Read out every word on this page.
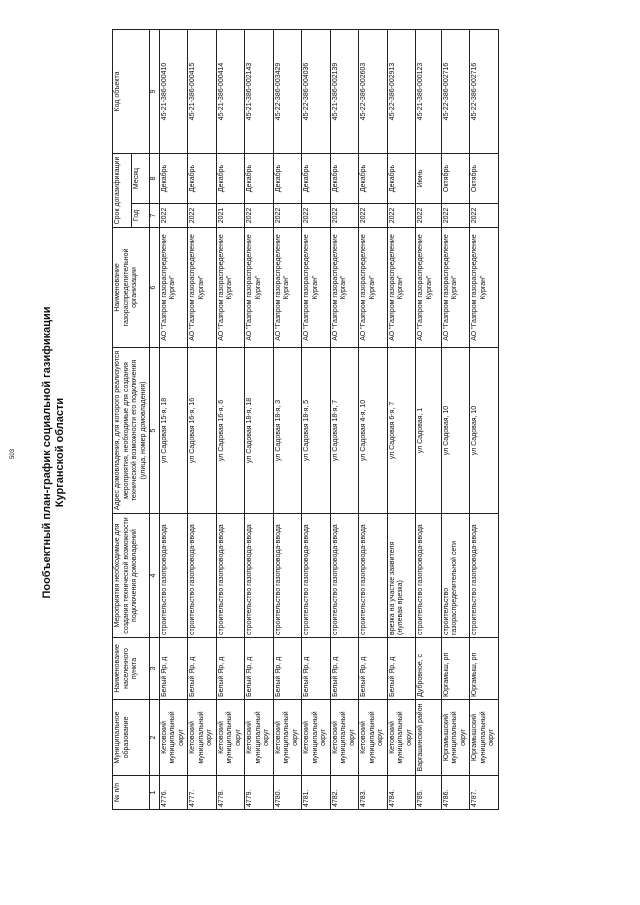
503 Пообъектный план-график социальной газификации Курганской области
№ п/п	Муниципальное образование	Наименование населенного пункта	Мероприятия необходимые для создания технической возможности подключения домовладений	Адрес домовладения, для которого реализуются мероприятия, необходимые для создания технической возможности его подключения (улица, номер домовладения)	Наименование газораспределительной организации	Срок догазификации		Код объекта
						Год	Месяц	
1	2	3	4	5	6	7	8	9
4776.	Кетовский муниципальный округ	Белый Яр, д	строительство газопровода-ввода	ул Садовая 15-я, 18	АО "Газпром газораспределение Курган"	2022	Декабрь	45-21-386-000410
4777.	Кетовский муниципальный округ	Белый Яр, д	строительство газопровода-ввода	ул Садовая 16-я, 16	АО "Газпром газораспределение Курган"	2022	Декабрь	45-21-386-000415
4778.	Кетовский муниципальный округ	Белый Яр, д	строительство газопровода-ввода	ул Садовая 16-я, 6	АО "Газпром газораспределение Курган"	2021	Декабрь	45-21-386-000414
4779.	Кетовский муниципальный округ	Белый Яр, д	строительство газопровода-ввода	ул Садовая 18-я, 18	АО "Газпром газораспределение Курган"	2022	Декабрь	45-21-386-002143
4780.	Кетовский муниципальный округ	Белый Яр, д	строительство газопровода-ввода	ул Садовая 18-я, 3	АО "Газпром газораспределение Курган"	2022	Декабрь	45-22-386-003429
4781.	Кетовский муниципальный округ	Белый Яр, д	строительство газопровода-ввода	ул Садовая 18-я, 5	АО "Газпром газораспределение Курган"	2022	Декабрь	45-22-386-004036
4782.	Кетовский муниципальный округ	Белый Яр, д	строительство газопровода-ввода	ул Садовая 18-я, 7	АО "Газпром газораспределение Курган"	2022	Декабрь	45-21-386-002139
4783.	Кетовский муниципальный округ	Белый Яр, д	строительство газопровода-ввода	ул Садовая 4-я, 10	АО "Газпром газораспределение Курган"	2022	Декабрь	45-22-386-002603
4784.	Кетовский муниципальный округ	Белый Яр, д	врезка на участке заявителя (нулевая врезка)	ул Садовая 6-я, 7	АО "Газпром газораспределение Курган"	2022	Декабрь	45-22-386-002913
4785.	Варгашинский район	Дубровное, с	строительство газопровода-ввода	ул Садовая, 1	АО "Газпром газораспределение Курган"	2022	Июнь	45-21-386-000123
4786.	Юргамышский муниципальный округ	Юргамыш, рп	строительство газораспределительной сети	ул Садовая, 10	АО "Газпром газораспределение Курган"	2022	Октябрь	45-22-386-002716
4787.	Юргамышский муниципальный округ	Юргамыш, рп	строительство газопровода-ввода	ул Садовая, 10	АО "Газпром газораспределение Курган"	2022	Октябрь	45-22-386-002716
